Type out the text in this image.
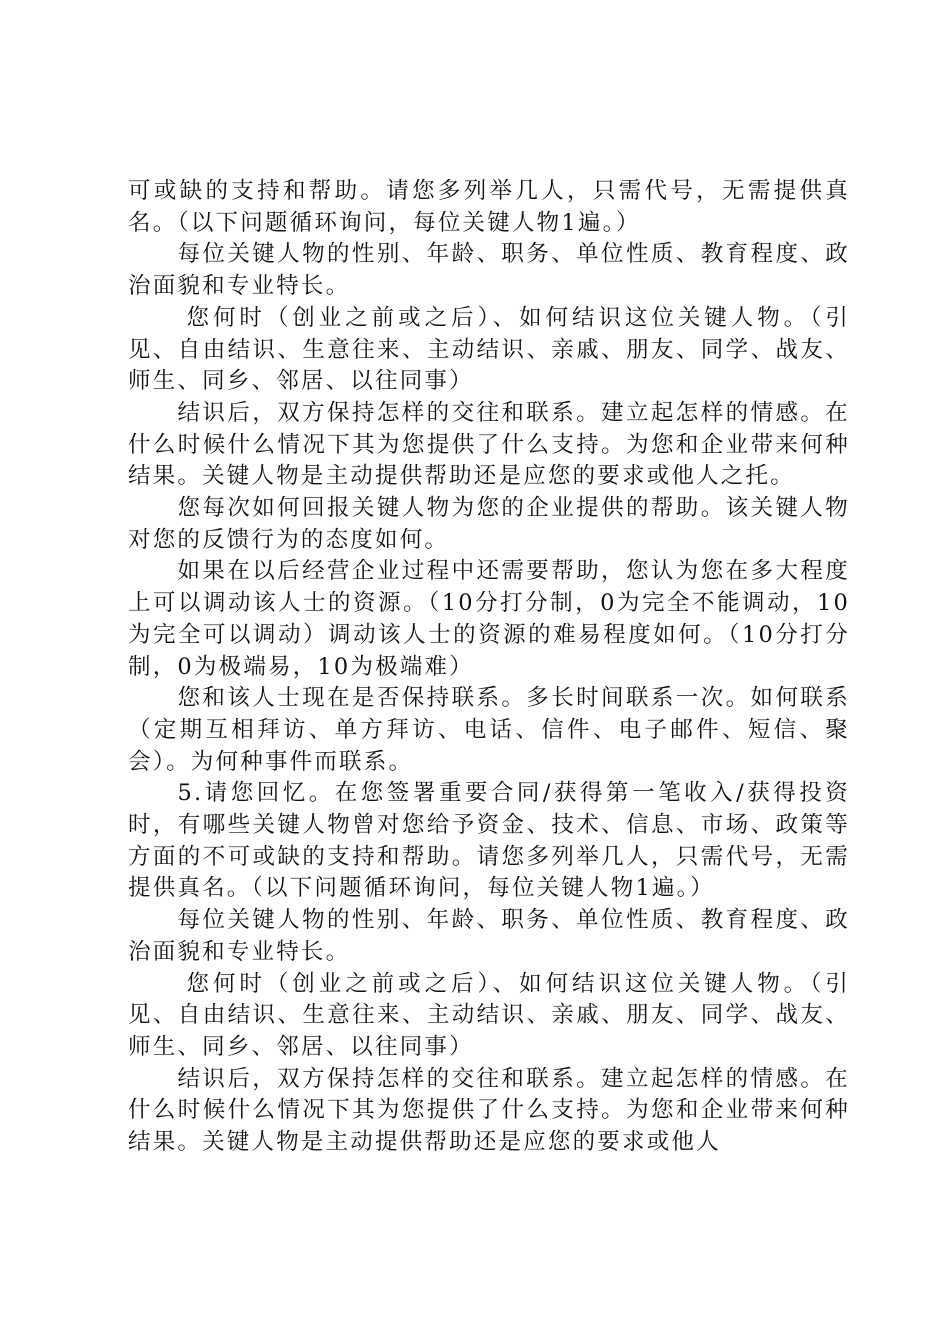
可或缺的支持和帮助。请您多列举几人，只需代号，无需提供真名。（以下问题循环询问，每位关键人物1遍。）

每位关键人物的性别、年龄、职务、单位性质、教育程度、政治面貌和专业特长。

您何时（创业之前或之后）、如何结识这位关键人物。（引见、自由结识、生意往来、主动结识、亲戚、朋友、同学、战友、师生、同乡、邻居、以往同事）

结识后，双方保持怎样的交往和联系。建立起怎样的情感。在什么时候什么情况下其为您提供了什么支持。为您和企业带来何种结果。关键人物是主动提供帮助还是应您的要求或他人之托。

您每次如何回报关键人物为您的企业提供的帮助。该关键人物对您的反馈行为的态度如何。

如果在以后经营企业过程中还需要帮助，您认为您在多大程度上可以调动该人士的资源。（10分打分制，0为完全不能调动，10为完全可以调动）调动该人士的资源的难易程度如何。（10分打分制，0为极端易，10为极端难）

您和该人士现在是否保持联系。多长时间联系一次。如何联系（定期互相拜访、单方拜访、电话、信件、电子邮件、短信、聚会）。为何种事件而联系。

5.请您回忆。在您签署重要合同/获得第一笔收入/获得投资时，有哪些关键人物曾对您给予资金、技术、信息、市场、政策等方面的不可或缺的支持和帮助。请您多列举几人，只需代号，无需提供真名。（以下问题循环询问，每位关键人物1遍。）

每位关键人物的性别、年龄、职务、单位性质、教育程度、政治面貌和专业特长。

您何时（创业之前或之后）、如何结识这位关键人物。（引见、自由结识、生意往来、主动结识、亲戚、朋友、同学、战友、师生、同乡、邻居、以往同事）

结识后，双方保持怎样的交往和联系。建立起怎样的情感。在什么时候什么情况下其为您提供了什么支持。为您和企业带来何种结果。关键人物是主动提供帮助还是应您的要求或他人
